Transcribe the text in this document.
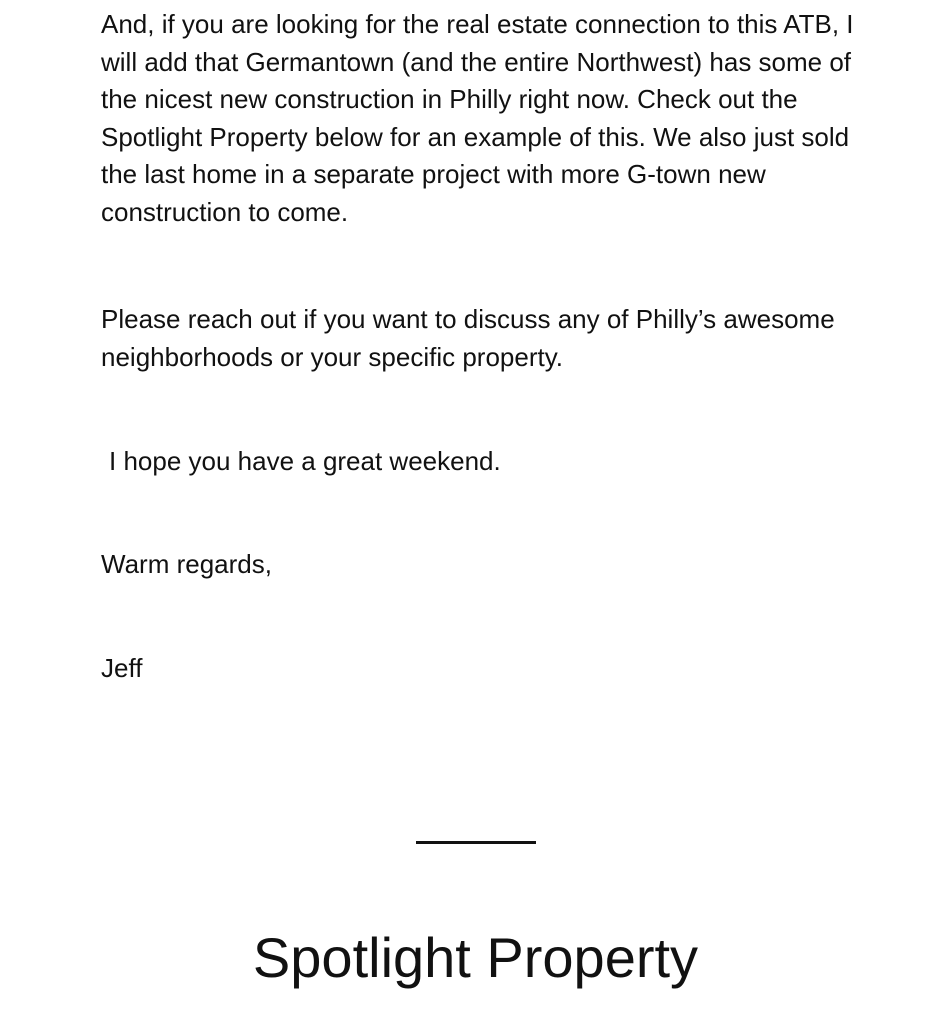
And, if you are looking for the real estate connection to this ATB, I will add that Germantown (and the entire Northwest) has some of the nicest new construction in Philly right now. Check out the Spotlight Property below for an example of this. We also just sold the last home in a separate project with more G-town new construction to come.

Please reach out if you want to discuss any of Philly’s awesome neighborhoods or your specific property.

I hope you have a great weekend.

Warm regards,

Jeff

Spotlight Property
